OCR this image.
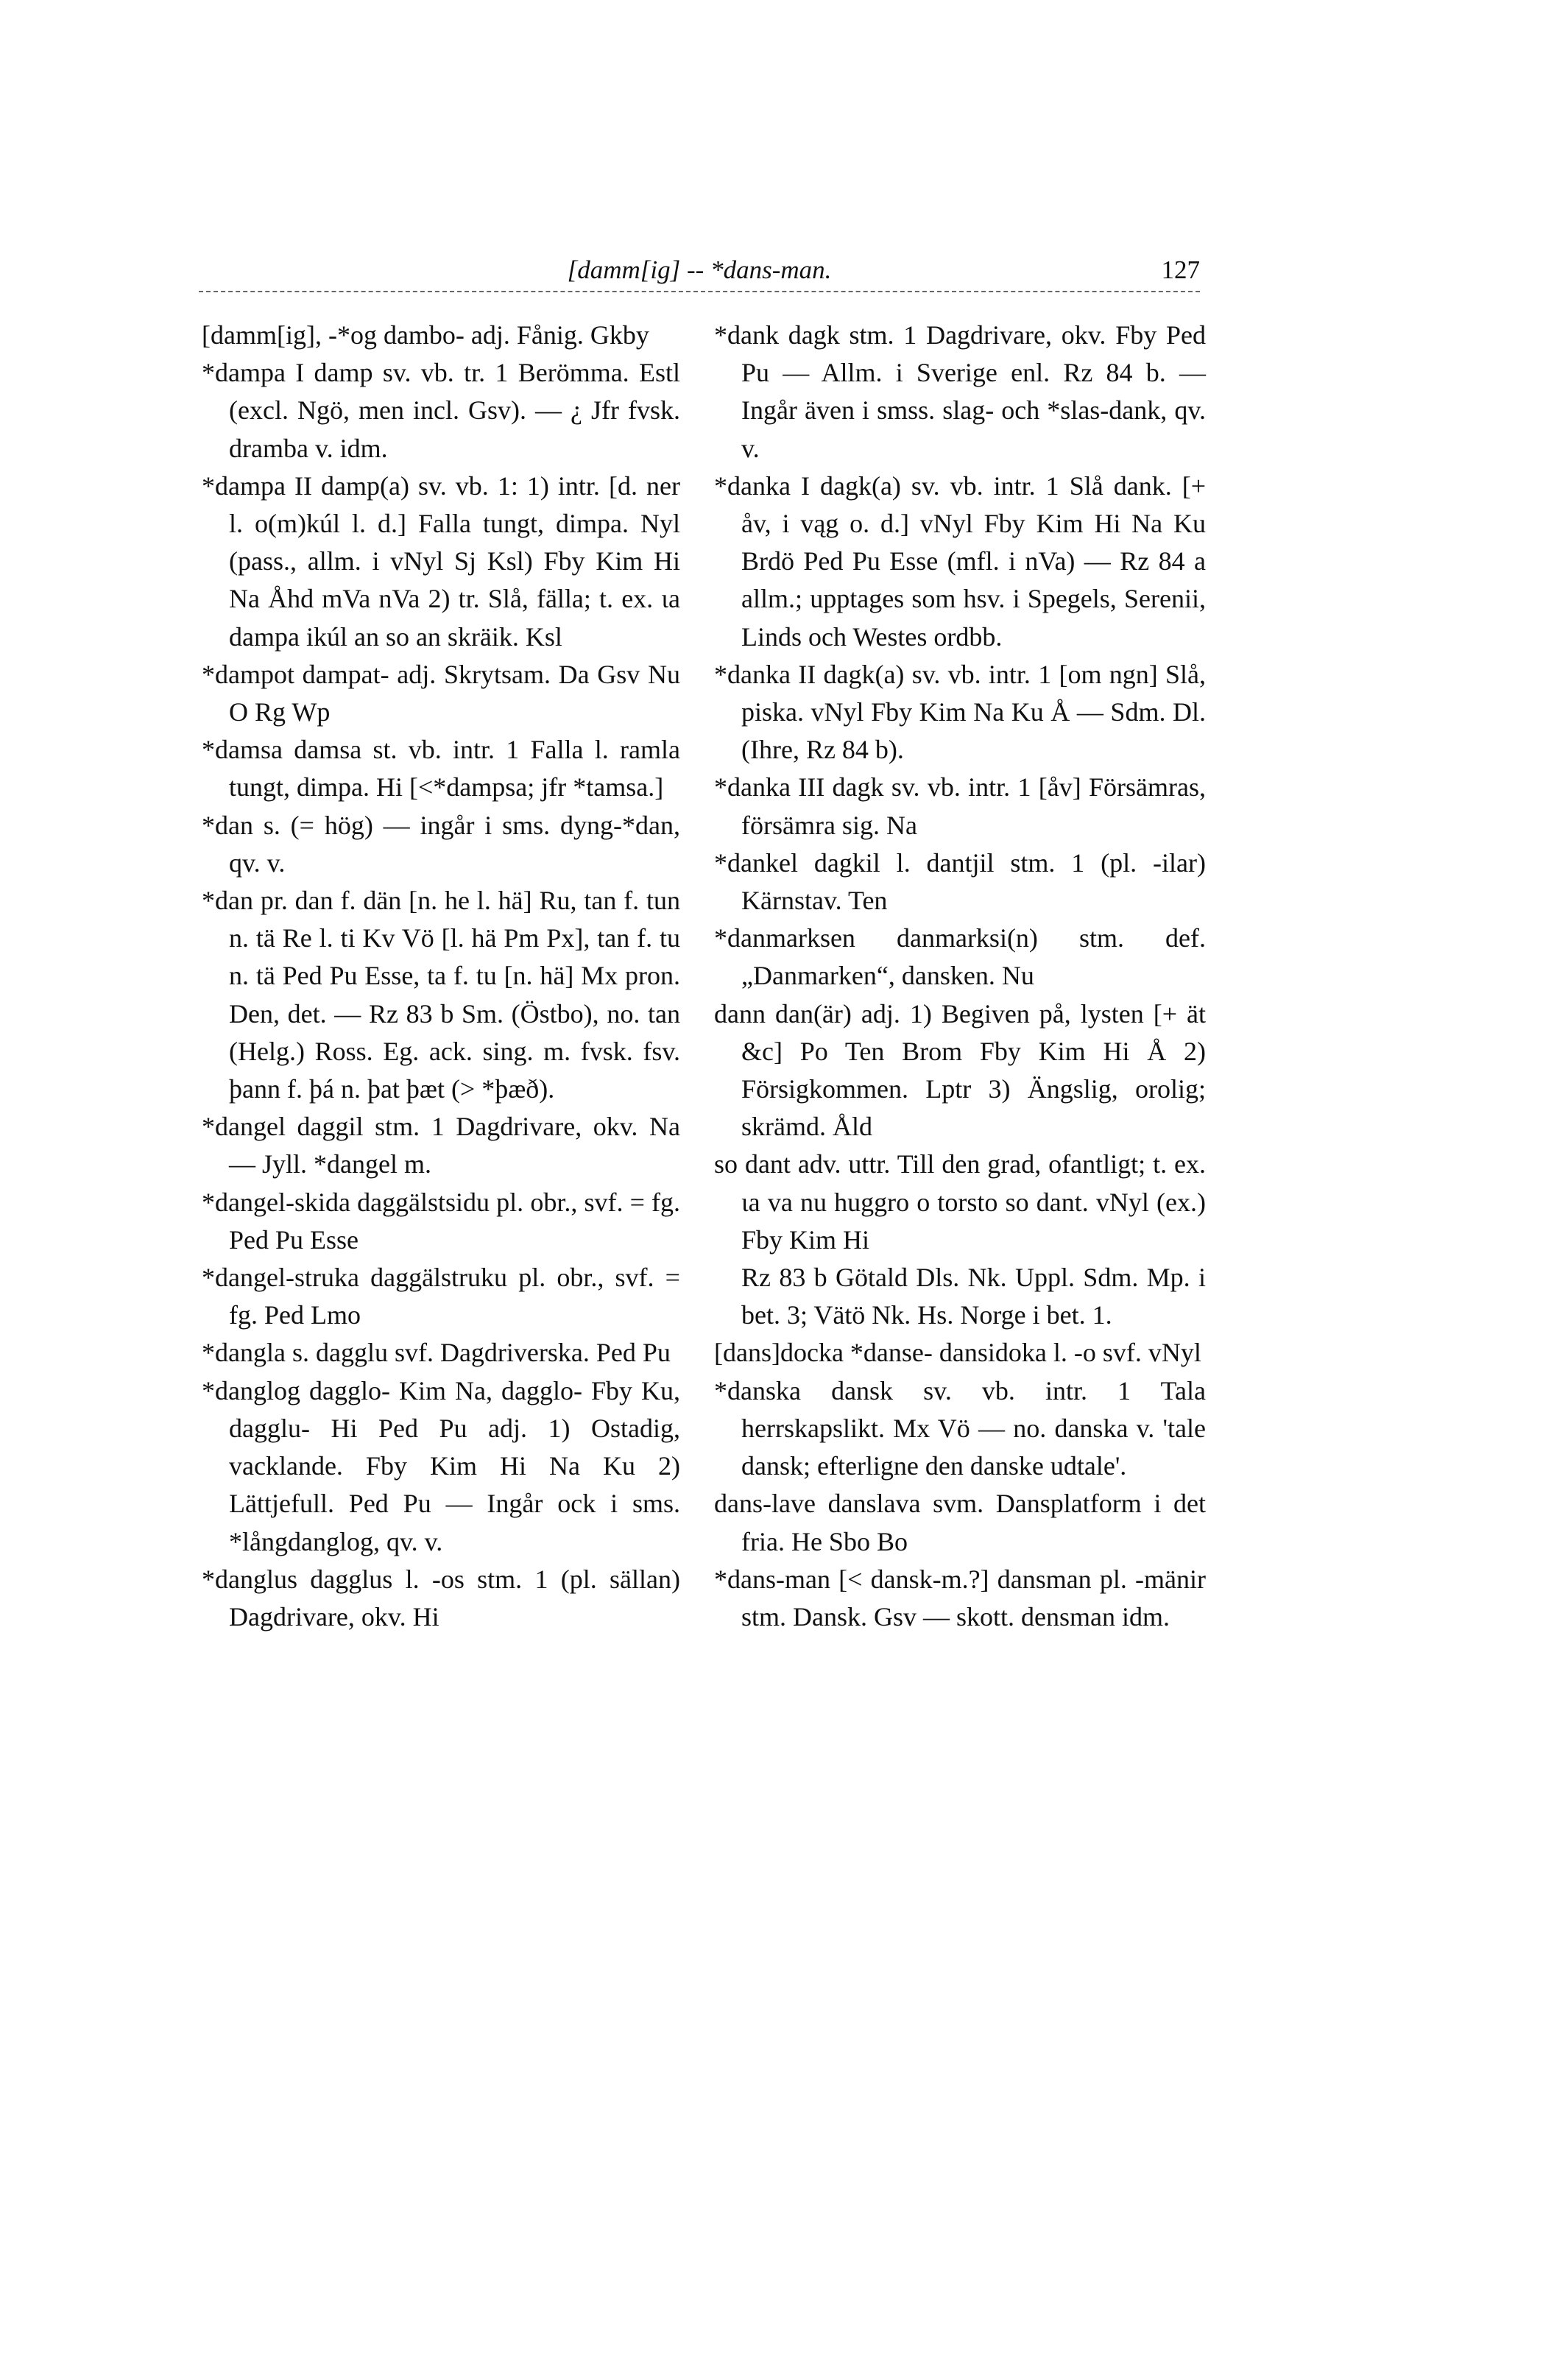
[damm[ig] -- *dans-man.	127

[damm[ig], -*og dambo- adj. Fånig. Gkby

*dampa I damp sv. vb. tr. 1 Berömma. Estl (excl. Ngö, men incl. Gsv). — ¿ Jfr fvsk. dramba v. idm.

*dampa II damp(a) sv. vb. 1: 1) intr. [d. ner l. o(m)kúl l. d.] Falla tungt, dimpa. Nyl (pass., allm. i vNyl Sj Ksl) Fby Kim Hi Na Åhd mVa nVa 2) tr. Slå, fälla; t. ex. ɩa dampa ikúl an so an skräik. Ksl

*dampot dampat- adj. Skrytsam. Da Gsv Nu O Rg Wp

*damsa damsa st. vb. intr. 1 Falla l. ramla tungt, dimpa. Hi [<*dampsa; jfr *tamsa.]

*dan s. (= hög) — ingår i sms. dyng-*dan, qv. v.

*dan pr. dan f. dän [n. he l. hä] Ru, tan f. tun n. tä Re l. ti Kv Vö [l. hä Pm Px], tan f. tu n. tä Ped Pu Esse, ta f. tu [n. hä] Mx pron. Den, det. — Rz 83 b Sm. (Östbo), no. tan (Helg.) Ross. Eg. ack. sing. m. fvsk. fsv. þann f. þá n. þat þæt (> *þæð).

*dangel daggil stm. 1 Dagdrivare, okv. Na — Jyll. *dangel m.

*dangel-skida daggälstsidu pl. obr., svf. = fg. Ped Pu Esse

*dangel-struka daggälstruku pl. obr., svf. = fg. Ped Lmo

*dangla s. dagglu svf. Dagdriverska. Ped Pu

*danglog dagglo- Kim Na, dagglo- Fby Ku, dagglu- Hi Ped Pu adj. 1) Ostadig, vacklande. Fby Kim Hi Na Ku 2) Lättjefull. Ped Pu — Ingår ock i sms. *långdanglog, qv. v.

*danglus dagglus l. -os stm. 1 (pl. sällan) Dagdrivare, okv. Hi

*dank dagk stm. 1 Dagdrivare, okv. Fby Ped Pu — Allm. i Sverige enl. Rz 84 b. — Ingår även i smss. slag- och *slas-dank, qv. v.

*danka I dagk(a) sv. vb. intr. 1 Slå dank. [+ åv, i vąg o. d.] vNyl Fby Kim Hi Na Ku Brdö Ped Pu Esse (mfl. i nVa) — Rz 84 a allm.; upptages som hsv. i Spegels, Serenii, Linds och Westes ordbb.

*danka II dagk(a) sv. vb. intr. 1 [om ngn] Slå, piska. vNyl Fby Kim Na Ku Å — Sdm. Dl. (Ihre, Rz 84 b).

*danka III dagk sv. vb. intr. 1 [åv] Försämras, försämra sig. Na

*dankel dagkil l. dantjil stm. 1 (pl. -ilar) Kärnstav. Ten

*danmarksen danmarksi(n) stm. def. „Danmarken“, dansken. Nu

dann dan(är) adj. 1) Begiven på, lysten [+ ät &c] Po Ten Brom Fby Kim Hi Å 2) Försigkommen. Lptr 3) Ängslig, orolig; skrämd. Åld

so dant adv. uttr. Till den grad, ofantligt; t. ex. ɩa va nu huggro o torsto so dant. vNyl (ex.) Fby Kim Hi

Rz 83 b Götald Dls. Nk. Uppl. Sdm. Mp. i bet. 3; Vätö Nk. Hs. Norge i bet. 1.

[dans]docka *danse- dansidoka l. -o svf. vNyl

*danska dansk sv. vb. intr. 1 Tala herrskapslikt. Mx Vö — no. danska v. 'tale dansk; efterligne den danske udtale'.

dans-lave danslava svm. Dansplatform i det fria. He Sbo Bo

*dans-man [< dansk-m.?] dansman pl. -mänir stm. Dansk. Gsv — skott. densman idm.
